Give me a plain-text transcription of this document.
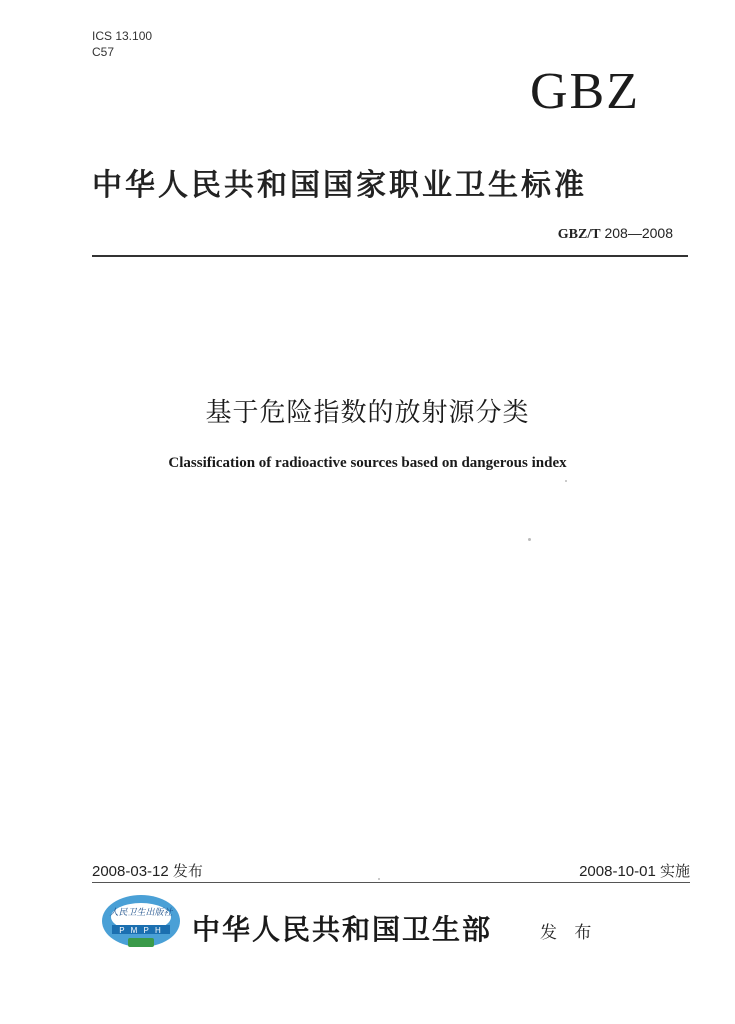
ICS 13.100
C57
GBZ
中华人民共和国国家职业卫生标准
GBZ/T 208—2008
基于危险指数的放射源分类
Classification of radioactive sources based on dangerous index
2008-03-12 发布	2008-10-01 实施
人民卫生出版社
P M P H 中华人民共和国卫生部	发 布
